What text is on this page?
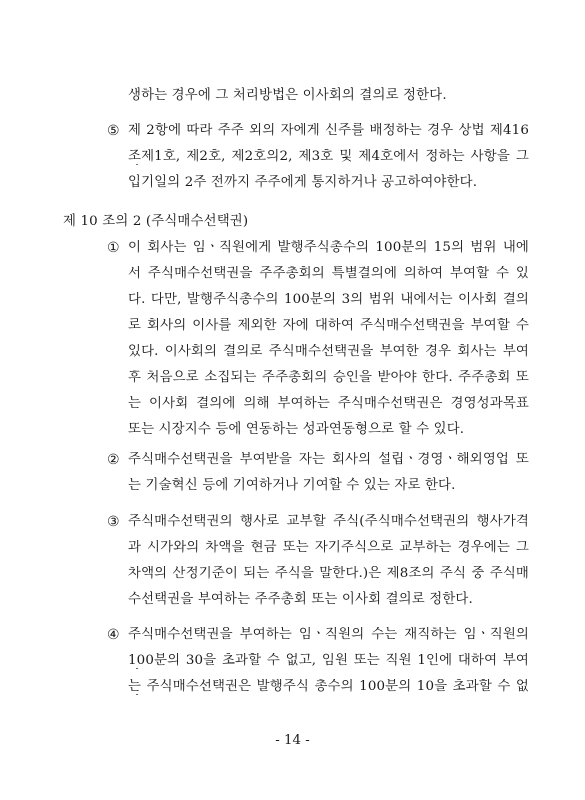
생하는 경우에 그 처리방법은 이사회의 결의로 정한다.
⑤ 제 2항에 따라 주주 외의 자에게 신주를 배정하는 경우 상법 제416
조제1호, 제2호, 제2호의2, 제3호 및 제4호에서 정하는 사항을 그
입기일의 2주 전까지 주주에게 통지하거나 공고하여야한다.
제 10 조의 2 (주식매수선택권)
① 이 회사는 임ㆍ직원에게 발행주식총수의 100분의 15의 범위 내에
서 주식매수선택권을 주주총회의 특별결의에 의하여 부여할 수 있
다. 다만, 발행주식총수의 100분의 3의 범위 내에서는 이사회 결의
로 회사의 이사를 제외한 자에 대하여 주식매수선택권을 부여할 수
있다. 이사회의 결의로 주식매수선택권을 부여한 경우 회사는 부여
후 처음으로 소집되는 주주총회의 승인을 받아야 한다. 주주총회 또
는 이사회 결의에 의해 부여하는 주식매수선택권은 경영성과목표
또는 시장지수 등에 연동하는 성과연동형으로 할 수 있다.
② 주식매수선택권을 부여받을 자는 회사의 설립ㆍ경영ㆍ해외영업 또
는 기술혁신 등에 기여하거나 기여할 수 있는 자로 한다.
③ 주식매수선택권의 행사로 교부할 주식(주식매수선택권의 행사가격
과 시가와의 차액을 현금 또는 자기주식으로 교부하는 경우에는 그
차액의 산정기준이 되는 주식을 말한다.)은 제8조의 주식 중 주식매
수선택권을 부여하는 주주총회 또는 이사회 결의로 정한다.
④ 주식매수선택권을 부여하는 임ㆍ직원의 수는 재직하는 임ㆍ직원의
100분의 30을 초과할 수 없고, 임원 또는 직원 1인에 대하여 부여
는 주식매수선택권은 발행주식 총수의 100분의 10을 초과할 수 없
- 14 -
